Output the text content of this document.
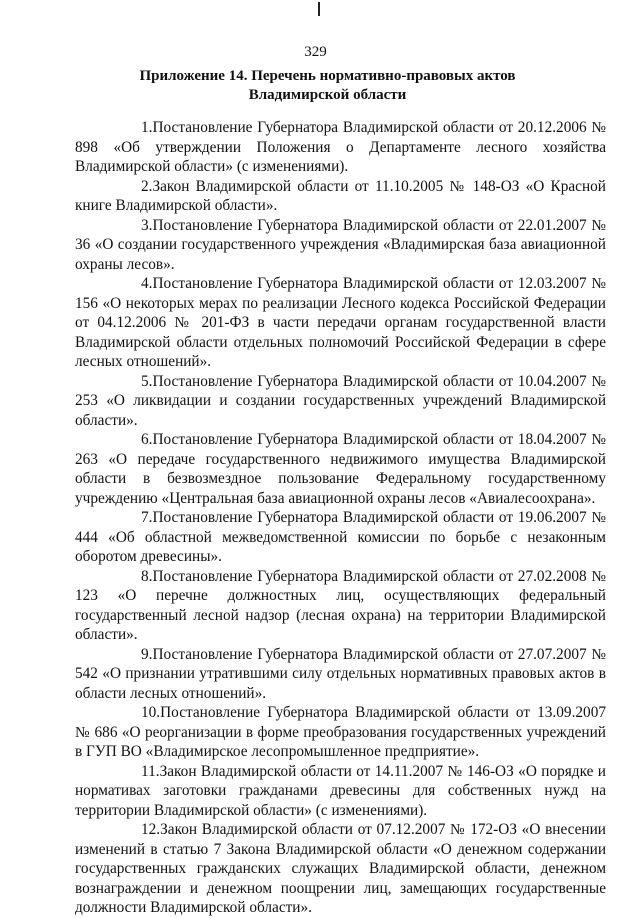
329
Приложение 14. Перечень нормативно-правовых актов
Владимирской области

1.Постановление Губернатора Владимирской области от 20.12.2006 № 898 «Об утверждении Положения о Департаменте лесного хозяйства Владимирской области» (с изменениями).

2.Закон Владимирской области от 11.10.2005 № 148-ОЗ «О Красной книге Владимирской области».

3.Постановление Губернатора Владимирской области от 22.01.2007 № 36 «О создании государственного учреждения «Владимирская база авиационной охраны лесов».

4.Постановление Губернатора Владимирской области от 12.03.2007 № 156 «О некоторых мерах по реализации Лесного кодекса Российской Федерации от 04.12.2006 № 201-ФЗ в части передачи органам государственной власти Владимирской области отдельных полномочий Российской Федерации в сфере лесных отношений».

5.Постановление Губернатора Владимирской области от 10.04.2007 № 253 «О ликвидации и создании государственных учреждений Владимирской области».

6.Постановление Губернатора Владимирской области от 18.04.2007 № 263 «О передаче государственного недвижимого имущества Владимирской области в безвозмездное пользование Федеральному государственному учреждению «Центральная база авиационной охраны лесов «Авиалесоохрана».

7.Постановление Губернатора Владимирской области от 19.06.2007 № 444 «Об областной межведомственной комиссии по борьбе с незаконным оборотом древесины».

8.Постановление Губернатора Владимирской области от 27.02.2008 № 123 «О перечне должностных лиц, осуществляющих федеральный государственный лесной надзор (лесная охрана) на территории Владимирской области».

9.Постановление Губернатора Владимирской области от 27.07.2007 № 542 «О признании утратившими силу отдельных нормативных правовых актов в области лесных отношений».

10.Постановление Губернатора Владимирской области от 13.09.2007 № 686 «О реорганизации в форме преобразования государственных учреждений в ГУП ВО «Владимирское лесопромышленное предприятие».

11.Закон Владимирской области от 14.11.2007 № 146-ОЗ «О порядке и нормативах заготовки гражданами древесины для собственных нужд на территории Владимирской области» (с изменениями).

12.Закон Владимирской области от 07.12.2007 № 172-ОЗ «О внесении изменений в статью 7 Закона Владимирской области «О денежном содержании государственных гражданских служащих Владимирской области, денежном вознаграждении и денежном поощрении лиц, замещающих государственные должности Владимирской области».
